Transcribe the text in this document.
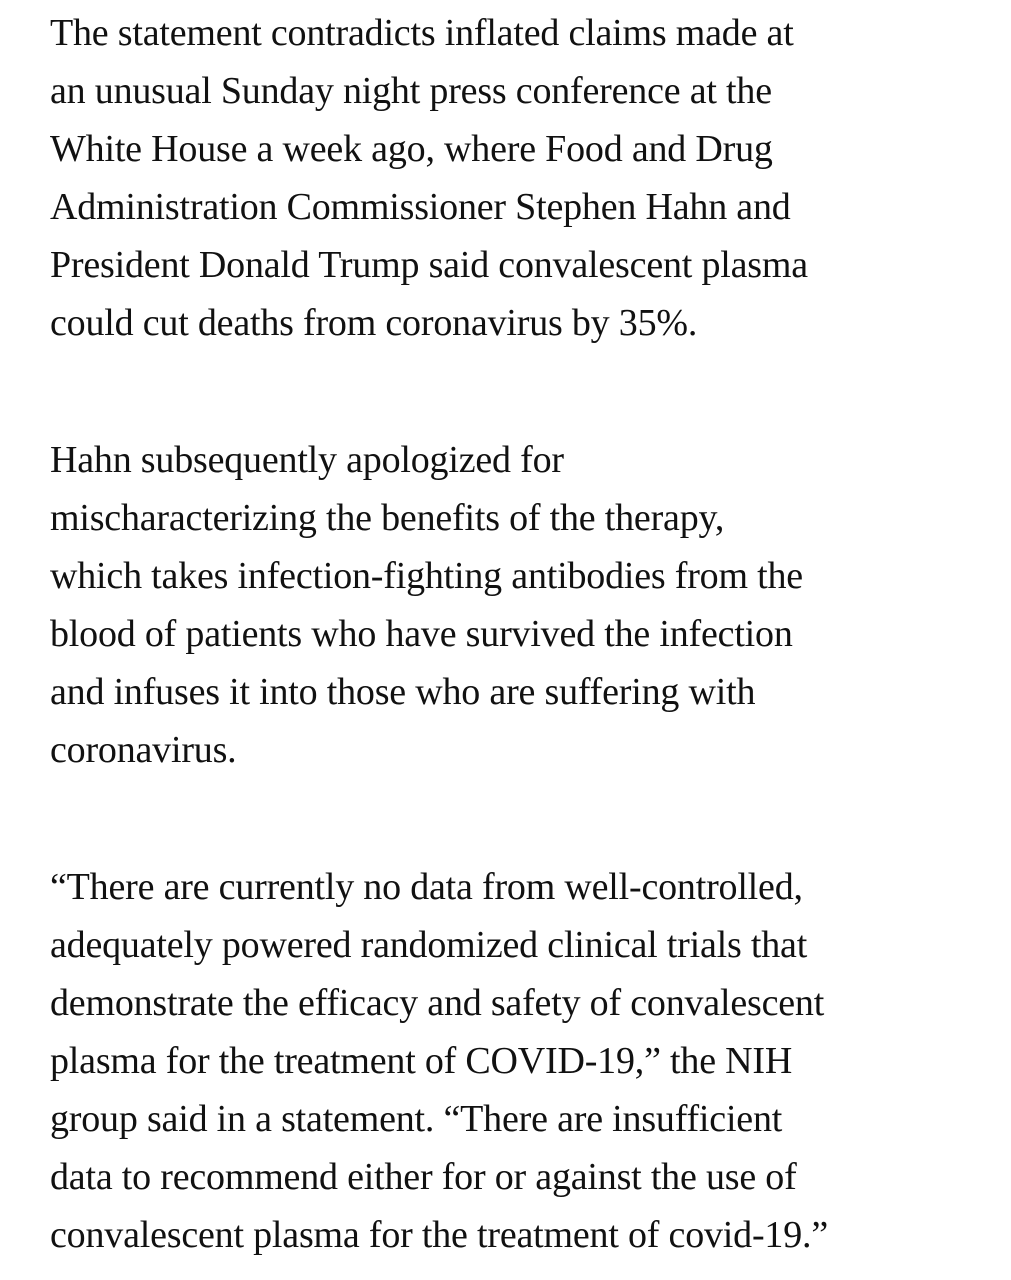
The statement contradicts inflated claims made at
an unusual Sunday night press conference at the
White House a week ago, where Food and Drug
Administration Commissioner Stephen Hahn and
President Donald Trump said convalescent plasma
could cut deaths from coronavirus by 35%.

Hahn subsequently apologized for
mischaracterizing the benefits of the therapy,
which takes infection-fighting antibodies from the
blood of patients who have survived the infection
and infuses it into those who are suffering with
coronavirus.

“There are currently no data from well-controlled,
adequately powered randomized clinical trials that
demonstrate the efficacy and safety of convalescent
plasma for the treatment of COVID-19,” the NIH
group said in a statement. “There are insufficient
data to recommend either for or against the use of
convalescent plasma for the treatment of covid-19.”
